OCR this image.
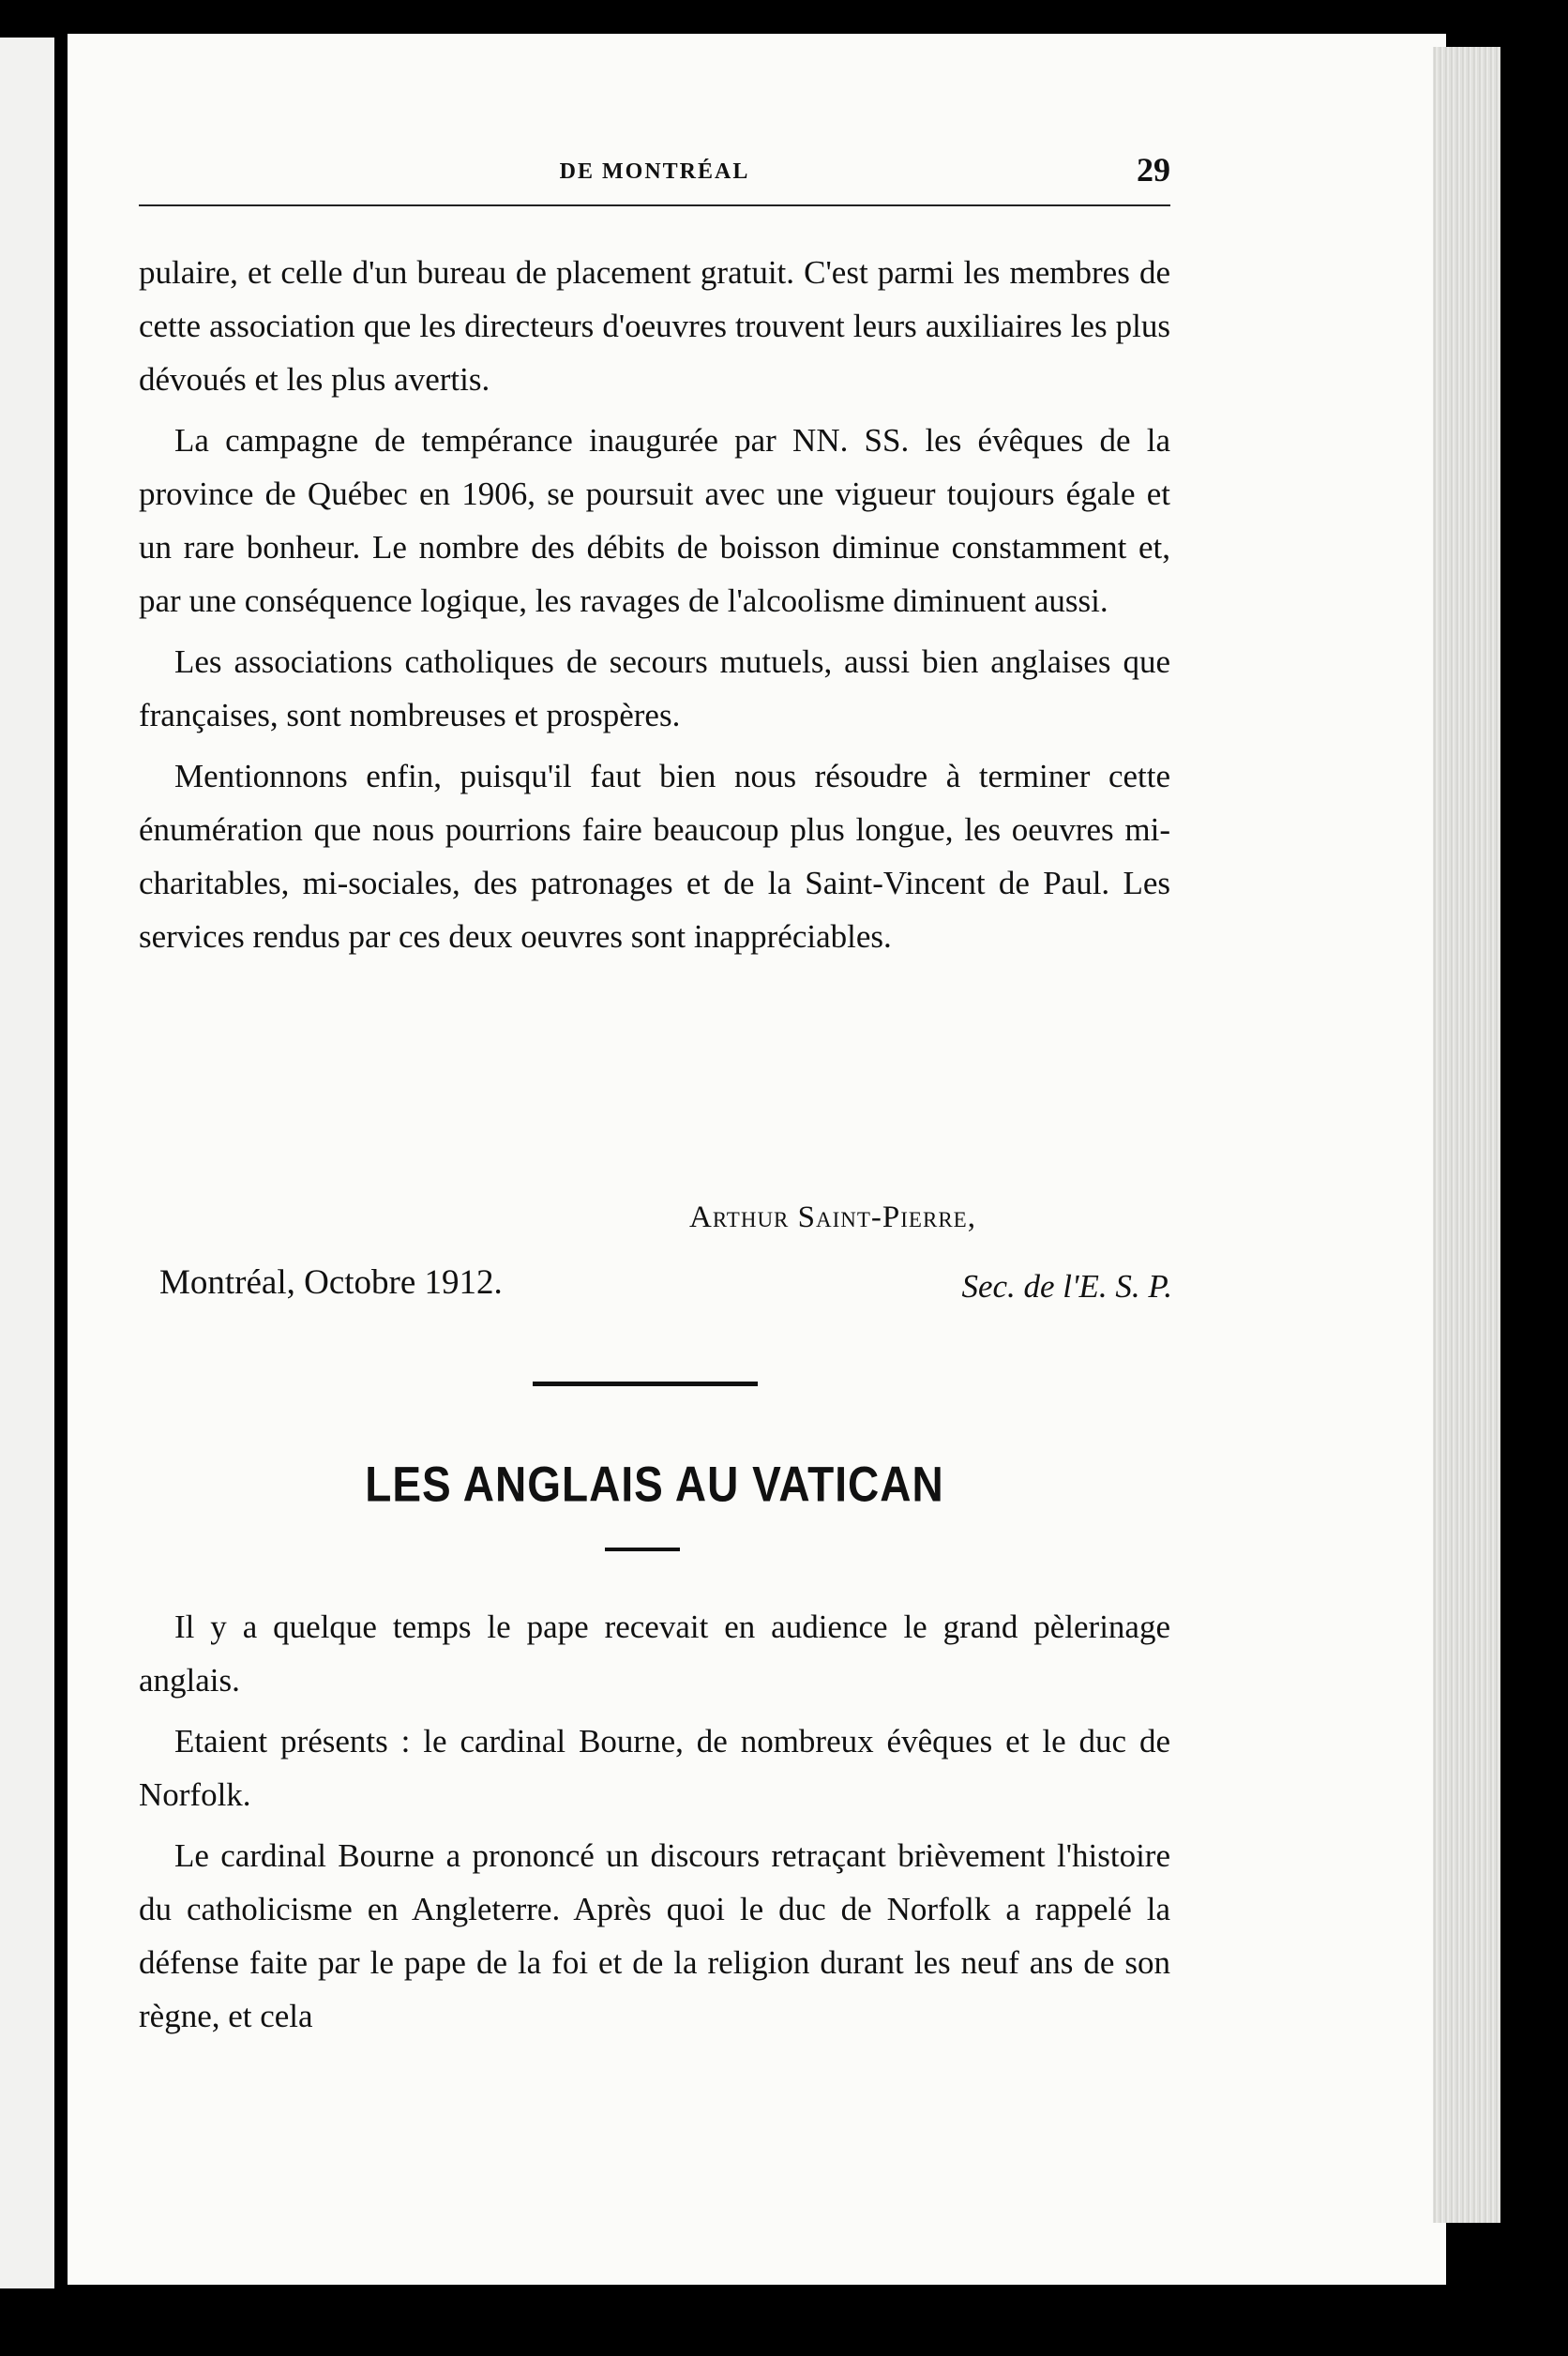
DE MONTRÉAL	29

pulaire, et celle d'un bureau de placement gratuit. C'est parmi les membres de cette association que les directeurs d'oeuvres trouvent leurs auxiliaires les plus dévoués et les plus avertis.

La campagne de tempérance inaugurée par NN. SS. les évêques de la province de Québec en 1906, se poursuit avec une vigueur toujours égale et un rare bonheur. Le nombre des débits de boisson diminue constamment et, par une conséquence logique, les ravages de l'alcoolisme diminuent aussi.

Les associations catholiques de secours mutuels, aussi bien anglaises que françaises, sont nombreuses et prospères.

Mentionnons enfin, puisqu'il faut bien nous résoudre à terminer cette énumération que nous pourrions faire beaucoup plus longue, les oeuvres mi-charitables, mi-sociales, des patronages et de la Saint-Vincent de Paul. Les services rendus par ces deux oeuvres sont inappréciables.

Arthur Saint-Pierre,
Montréal, Octobre 1912.	Sec. de l'E. S. P.
LES ANGLAIS AU VATICAN

Il y a quelque temps le pape recevait en audience le grand pèlerinage anglais.

Etaient présents : le cardinal Bourne, de nombreux évêques et le duc de Norfolk.

Le cardinal Bourne a prononcé un discours retraçant brièvement l'histoire du catholicisme en Angleterre. Après quoi le duc de Norfolk a rappelé la défense faite par le pape de la foi et de la religion durant les neuf ans de son règne, et cela
